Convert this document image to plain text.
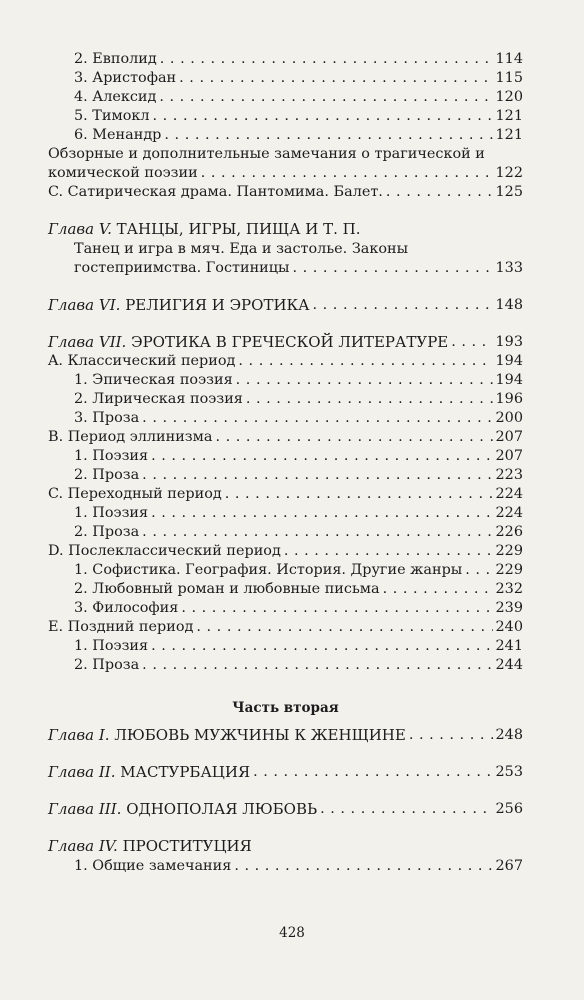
2. Евполид . . .	114
3. Аристофан . . .	115
4. Алексид . . .	120
5. Тимокл . . .	121
6. Менандр . . .	121
Обзорные и дополнительные замечания о трагической и
комической поэзии . . .	122
C. Сатирическая драма. Пантомима. Балет. . . .	125
Глава V. ТАНЦЫ, ИГРЫ, ПИЩА И Т. П.
Танец и игра в мяч. Еда и застолье. Законы
гостеприимства. Гостиницы . . .	133
Глава VI. РЕЛИГИЯ И ЭРОТИКА . . .	148
Глава VII. ЭРОТИКА В ГРЕЧЕСКОЙ ЛИТЕРАТУРЕ . . .	193
A. Классический период . . .	194
1. Эпическая поэзия . . .	194
2. Лирическая поэзия . . .	196
3. Проза . . .	200
B. Период эллинизма . . .	207
1. Поэзия . . .	207
2. Проза . . .	223
C. Переходный период . . .	224
1. Поэзия . . .	224
2. Проза . . .	226
D. Послеклассический период . . .	229
1. Софистика. География. История. Другие жанры . . . 229
2. Любовный роман и любовные письма . . .	232
3. Философия . . .	239
E. Поздний период . . .	240
1. Поэзия . . .	241
2. Проза . . .	244
Часть вторая
Глава I. ЛЮБОВЬ МУЖЧИНЫ К ЖЕНЩИНЕ . . .	248
Глава II. МАСТУРБАЦИЯ . . .	253
Глава III. ОДНОПОЛАЯ ЛЮБОВЬ . . .	256
Глава IV. ПРОСТИТУЦИЯ
1. Общие замечания . . .	267
428
